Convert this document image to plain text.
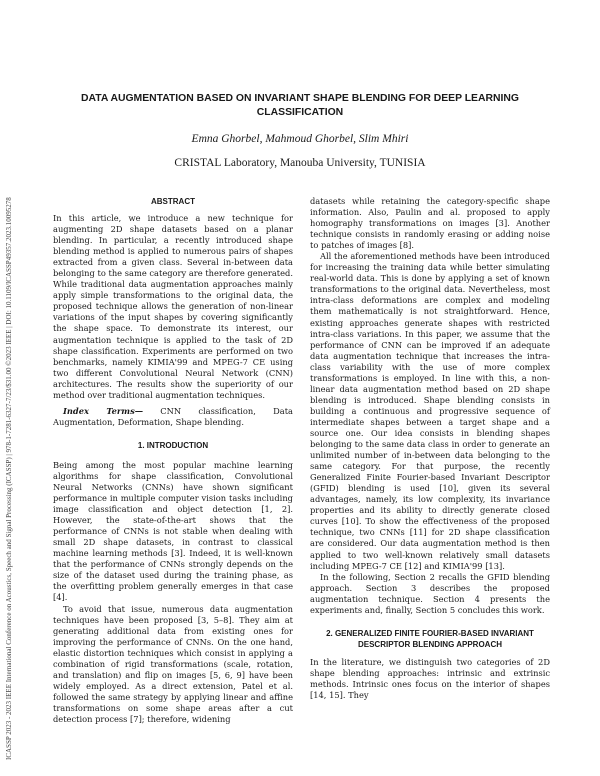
ICASSP 2023 - 2023 IEEE International Conference on Acoustics, Speech and Signal Processing (ICASSP) | 978-1-7281-6327-7/23/$31.00 ©2023 IEEE | DOI: 10.1109/ICASSP49357.2023.10095278
DATA AUGMENTATION BASED ON INVARIANT SHAPE BLENDING FOR DEEP LEARNING CLASSIFICATION

Emna Ghorbel, Mahmoud Ghorbel, Slim Mhiri

CRISTAL Laboratory, Manouba University, TUNISIA

ABSTRACT

In this article, we introduce a new technique for augmenting 2D shape datasets based on a planar blending. In particular, a recently introduced shape blending method is applied to numerous pairs of shapes extracted from a given class. Several in-between data belonging to the same category are therefore generated. While traditional data augmentation approaches mainly apply simple transformations to the original data, the proposed technique allows the generation of non-linear variations of the input shapes by covering significantly the shape space. To demonstrate its interest, our augmentation technique is applied to the task of 2D shape classification. Experiments are performed on two benchmarks, namely KIMIA'99 and MPEG-7 CE using two different Convolutional Neural Network (CNN) architectures. The results show the superiority of our method over traditional augmentation techniques.

Index Terms— CNN classification, Data Augmentation, Deformation, Shape blending.

1. INTRODUCTION

Being among the most popular machine learning algorithms for shape classification, Convolutional Neural Networks (CNNs) have shown significant performance in multiple computer vision tasks including image classification and object detection [1, 2]. However, the state-of-the-art shows that the performance of CNNs is not stable when dealing with small 2D shape datasets, in contrast to classical machine learning methods [3]. Indeed, it is well-known that the performance of CNNs strongly depends on the size of the dataset used during the training phase, as the overfitting problem generally emerges in that case [4].

To avoid that issue, numerous data augmentation techniques have been proposed [3, 5–8]. They aim at generating additional data from existing ones for improving the performance of CNNs. On the one hand, elastic distortion techniques which consist in applying a combination of rigid transformations (scale, rotation, and translation) and flip on images [5, 6, 9] have been widely employed. As a direct extension, Patel et al. followed the same strategy by applying linear and affine transformations on some shape areas after a cut detection process [7]; therefore, widening

datasets while retaining the category-specific shape information. Also, Paulin and al. proposed to apply homography transformations on images [3]. Another technique consists in randomly erasing or adding noise to patches of images [8].

All the aforementioned methods have been introduced for increasing the training data while better simulating real-world data. This is done by applying a set of known transformations to the original data. Nevertheless, most intra-class deformations are complex and modeling them mathematically is not straightforward. Hence, existing approaches generate shapes with restricted intra-class variations. In this paper, we assume that the performance of CNN can be improved if an adequate data augmentation technique that increases the intra-class variability with the use of more complex transformations is employed. In line with this, a non-linear data augmentation method based on 2D shape blending is introduced. Shape blending consists in building a continuous and progressive sequence of intermediate shapes between a target shape and a source one. Our idea consists in blending shapes belonging to the same data class in order to generate an unlimited number of in-between data belonging to the same category. For that purpose, the recently Generalized Finite Fourier-based Invariant Descriptor (GFID) blending is used [10], given its several advantages, namely, its low complexity, its invariance properties and its ability to directly generate closed curves [10]. To show the effectiveness of the proposed technique, two CNNs [11] for 2D shape classification are considered. Our data augmentation method is then applied to two well-known relatively small datasets including MPEG-7 CE [12] and KIMIA'99 [13].

In the following, Section 2 recalls the GFID blending approach. Section 3 describes the proposed augmentation technique. Section 4 presents the experiments and, finally, Section 5 concludes this work.

2. GENERALIZED FINITE FOURIER-BASED INVARIANT DESCRIPTOR BLENDING APPROACH

In the literature, we distinguish two categories of 2D shape blending approaches: intrinsic and extrinsic methods. Intrinsic ones focus on the interior of shapes [14, 15]. They
